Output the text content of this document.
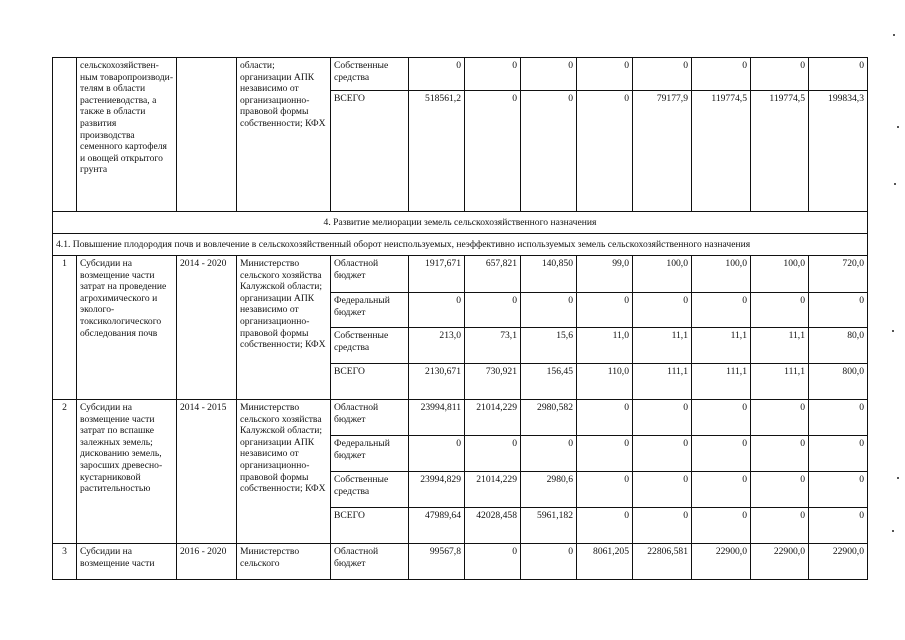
	сельскохозяйствен-ным товаропроизводи-телям в области растениеводства, а также в области развития производства семенного картофеля и овощей открытого грунта		области; организации АПК независимо от организационно-правовой формы собственности; КФХ	Собственные средства	0	0	0	0	0	0	0	0
				ВСЕГО	518561,2	0	0	0	79177,9	119774,5	119774,5	199834,3
4. Развитие мелиорации земель сельскохозяйственного назначения												
4.1. Повышение плодородия почв и вовлечение в сельскохозяйственный оборот неиспользуемых, неэффективно используемых земель сельскохозяйственного назначения												
1	Субсидии на возмещение части затрат на проведение агрохимического и эколого-токсикологического обследования почв	2014 - 2020	Министерство сельского хозяйства Калужской области; организации АПК независимо от организационно-правовой формы собственности; КФХ	Областной бюджет	1917,671	657,821	140,850	99,0	100,0	100,0	100,0	720,0
				Федеральный бюджет	0	0	0	0	0	0	0	0
				Собственные средства	213,0	73,1	15,6	11,0	11,1	11,1	11,1	80,0
				ВСЕГО	2130,671	730,921	156,45	110,0	111,1	111,1	111,1	800,0
2	Субсидии на возмещение части затрат по вспашке залежных земель; дискованию земель, заросших древесно-кустарниковой растительностью	2014 - 2015	Министерство сельского хозяйства Калужской области; организации АПК независимо от организационно-правовой формы собственности; КФХ	Областной бюджет	23994,811	21014,229	2980,582	0	0	0	0	0
				Федеральный бюджет	0	0	0	0	0	0	0	0
				Собственные средства	23994,829	21014,229	2980,6	0	0	0	0	0
				ВСЕГО	47989,64	42028,458	5961,182	0	0	0	0	0
3	Субсидии на возмещение части	2016 - 2020	Министерство сельского	Областной бюджет	99567,8	0	0	8061,205	22806,581	22900,0	22900,0	22900,0
